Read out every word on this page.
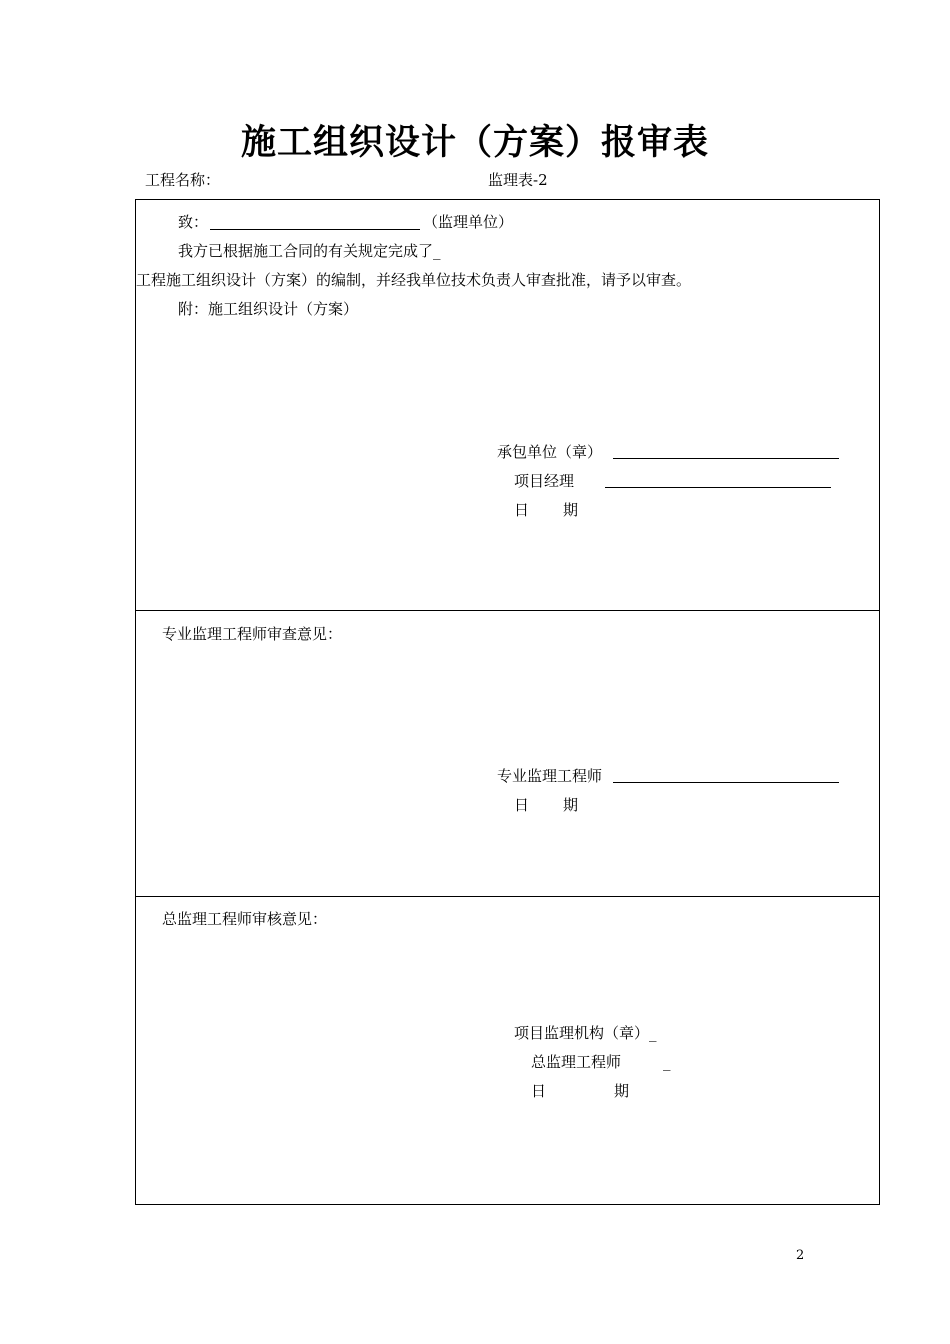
施工组织设计（方案）报审表
工程名称：	监理表-2
致：	（监理单位）
我方已根据施工合同的有关规定完成了_
工程施工组织设计（方案）的编制，并经我单位技术负责人审查批准，请予以审查。
附：施工组织设计（方案）
承包单位（章）
项目经理
日 期
专业监理工程师审查意见：
专业监理工程师
日 期
总监理工程师审核意见：
项目监理机构（章）_
总监理工程师	_
日	期
2
